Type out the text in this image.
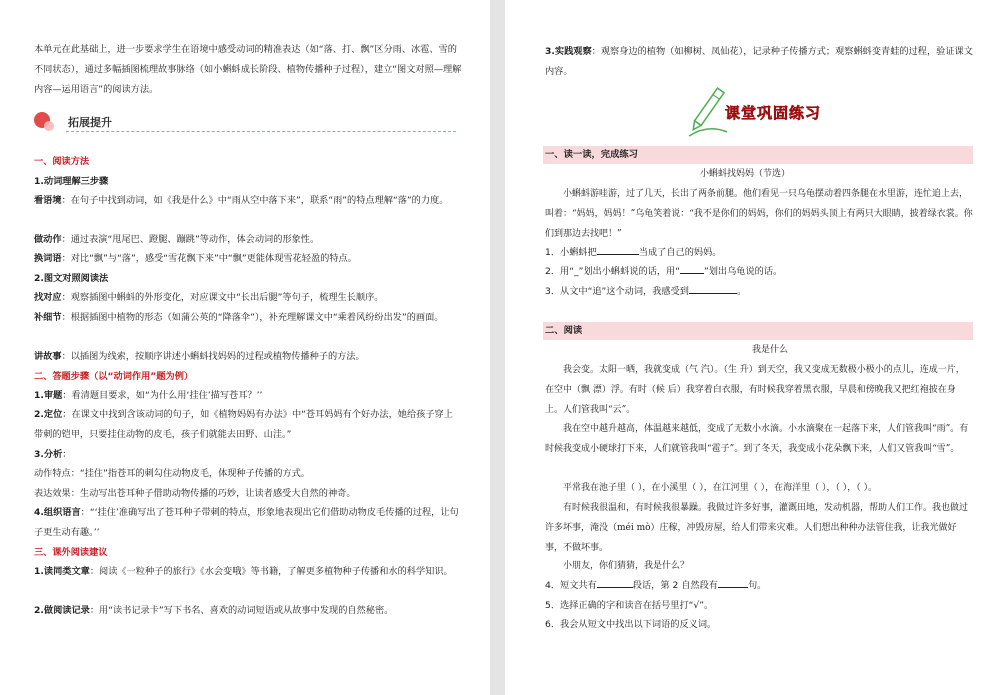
本单元在此基础上，进一步要求学生在语境中感受动词的精准表达（如“落、打、飘”区分雨、冰雹、雪的不同状态），通过多幅插图梳理故事脉络（如小蝌蚪成长阶段、植物传播种子过程），建立“图文对照—理解内容—运用语言”的阅读方法。
拓展提升
一、阅读方法
1.动词理解三步骤
看语境：在句子中找到动词，如《我是什么》中“雨从空中落下来”，联系“雨”的特点理解“落”的力度。
做动作：通过表演“甩尾巴、蹬腿、蹦跳”等动作，体会动词的形象性。
换词语：对比“飘”与“落”，感受“雪花飘下来”中“飘”更能体现雪花轻盈的特点。
2.图文对照阅读法
找对应：观察插图中蝌蚪的外形变化，对应课文中“长出后腿”等句子，梳理生长顺序。
补细节：根据插图中植物的形态（如蒲公英的“降落伞”），补充理解课文中“乘着风纷纷出发”的画面。
讲故事：以插图为线索，按顺序讲述小蝌蚪找妈妈的过程或植物传播种子的方法。
二、答题步骤（以“动词作用”题为例）
1.审题：看清题目要求，如“为什么用‘挂住’描写苍耳？’’
2.定位：在课文中找到含该动词的句子，如《植物妈妈有办法》中“苍耳妈妈有个好办法，她给孩子穿上带刺的铠甲，只要挂住动物的皮毛，孩子们就能去田野、山洼。”
3.分析：
动作特点：“挂住”指苍耳的刺勾住动物皮毛，体现种子传播的方式。
表达效果：生动写出苍耳种子借助动物传播的巧妙，让读者感受大自然的神奇。
4.组织语言：“‘挂住’准确写出了苍耳种子带刺的特点，形象地表现出它们借助动物皮毛传播的过程，让句子更生动有趣。’’
三、课外阅读建议
1.读同类文章：阅读《一粒种子的旅行》《水会变哦》等书籍，了解更多植物种子传播和水的科学知识。
2.做阅读记录：用“读书记录卡”写下书名、喜欢的动词短语或从故事中发现的自然秘密。
3.实践观察：观察身边的植物（如柳树、凤仙花），记录种子传播方式；观察蝌蚪变青蛙的过程，验证课文内容。
课堂巩固练习
一、读一读，完成练习
小蝌蚪找妈妈（节选）
小蝌蚪游哇游，过了几天，长出了两条前腿。他们看见一只乌龟摆动着四条腿在水里游，连忙追上去，叫着：“妈妈，妈妈！”乌龟笑着说：“我不是你们的妈妈，你们的妈妈头顶上有两只大眼睛，披着绿衣裳。你们到那边去找吧！”
1．小蝌蚪把	当成了自己的妈妈。
2．用“_”划出小蝌蚪说的话，用“	”划出乌龟说的话。
3．从文中“追”这个动词，我感受到	。
二、阅读
我是什么
我会变。太阳一晒，我就变成（气 汽）。（生 升）到天空，我又变成无数极小极小的点儿，连成一片，在空中（飘 漂）浮。有时（候 后）我穿着白衣服，有时候我穿着黑衣服，早晨和傍晚我又把红袍披在身上。人们管我叫“云”。
我在空中越升越高，体温越来越低，变成了无数小水滴。小水滴聚在一起落下来，人们管我叫“雨”。有时候我变成小硬球打下来，人们就管我叫“雹子”。到了冬天，我变成小花朵飘下来，人们又管我叫“雪”。
平常我在池子里（ ），在小溪里（ ），在江河里（ ），在海洋里（ ），（ ），（ ）。
有时候我很温和，有时候我很暴躁。我做过许多好事，灌溉田地，发动机器，帮助人们工作。我也做过许多坏事，淹没（méi mò）庄稼，冲毁房屋，给人们带来灾难。人们想出种种办法管住我，让我光做好事，不做坏事。
小朋友，你们猜猜，我是什么？
4．短文共有	段话，第 2 自然段有	句。
5．选择正确的字和读音在括号里打“√”。
6．我会从短文中找出以下词语的反义词。
